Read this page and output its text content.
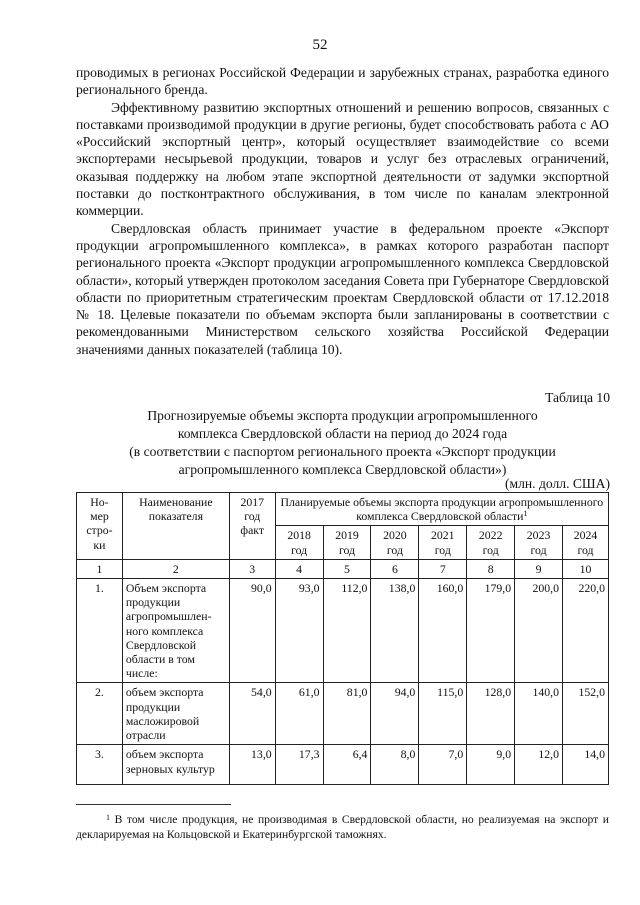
52

проводимых в регионах Российской Федерации и зарубежных странах, разработка единого регионального бренда.

Эффективному развитию экспортных отношений и решению вопросов, связанных с поставками производимой продукции в другие регионы, будет способствовать работа с АО «Российский экспортный центр», который осуществляет взаимодействие со всеми экспортерами несырьевой продукции, товаров и услуг без отраслевых ограничений, оказывая поддержку на любом этапе экспортной деятельности от задумки экспортной поставки до постконтрактного обслуживания, в том числе по каналам электронной коммерции.

Свердловская область принимает участие в федеральном проекте «Экспорт продукции агропромышленного комплекса», в рамках которого разработан паспорт регионального проекта «Экспорт продукции агропромышленного комплекса Свердловской области», который утвержден протоколом заседания Совета при Губернаторе Свердловской области по приоритетным стратегическим проектам Свердловской области от 17.12.2018 № 18. Целевые показатели по объемам экспорта были запланированы в соответствии с рекомендованными Министерством сельского хозяйства Российской Федерации значениями данных показателей (таблица 10).

Таблица 10
Прогнозируемые объемы экспорта продукции агропромышленного
комплекса Свердловской области на период до 2024 года
(в соответствии с паспортом регионального проекта «Экспорт продукции
агропромышленного комплекса Свердловской области»)
(млн. долл. США)
Но- мер стро- ки	Наименование показателя	2017 год факт	Планируемые объемы экспорта продукции агропромышленного комплекса Свердловской области$^1$
			2018 год	2019 год	2020 год	2021 год	2022 год	2023 год	2024 год
1	2	3	4	5	6	7	8	9	10
1.	Объем экспорта продукции агропромышлен- ного комплекса Свердловской области в том числе:	90,0	93,0	112,0	138,0	160,0	179,0	200,0	220,0
2.	объем экспорта продукции масложировой отрасли	54,0	61,0	81,0	94,0	115,0	128,0	140,0	152,0
3.	объем экспорта зерновых культур	13,0	17,3	6,4	8,0	7,0	9,0	12,0	14,0
$^1$ В том числе продукция, не производимая в Свердловской области, но реализуемая на экспорт и декларируемая на Кольцовской и Екатеринбургской таможнях.
